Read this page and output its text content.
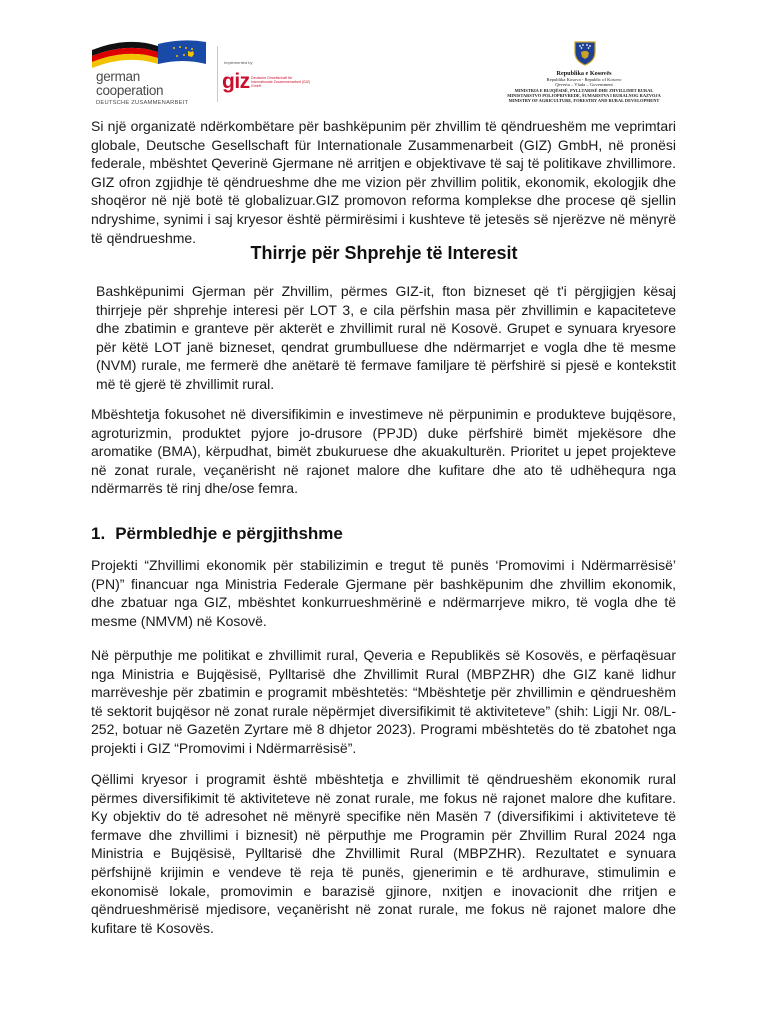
german
cooperation
DEUTSCHE ZUSAMMENARBEIT
Implemented by
giz Deutsche Gesellschaft für Internationale Zusammenarbeit (GIZ) GmbH
Republika e Kosovës
Republika Kosova - Republic of Kosovo
Qeveria – Vlada – Government
MINISTRIA E BUJQËSISË, PYLLTARISË DHE ZHVILLIMIT RURAL
MINISTARSTVO POLJOPRIVREDE, ŠUMARSTVA I RURALNOG RAZVOJA
MINISTRY OF AGRICULTURE, FORESTRY AND RURAL DEVELOPMENT

Si një organizatë ndërkombëtare për bashkëpunim për zhvillim të qëndrueshëm me veprimtari globale, Deutsche Gesellschaft für Internationale Zusammenarbeit (GIZ) GmbH, në pronësi federale, mbështet Qeverinë Gjermane në arritjen e objektivave të saj të politikave zhvillimore. GIZ ofron zgjidhje të qëndrueshme dhe me vizion për zhvillim politik, ekonomik, ekologjik dhe shoqëror në një botë të globalizuar.GIZ promovon reforma komplekse dhe procese që sjellin ndryshime, synimi i saj kryesor është përmirësimi i kushteve të jetesës së njerëzve në mënyrë të qëndrueshme.

Thirrje për Shprehje të Interesit

Bashkëpunimi Gjerman për Zhvillim, përmes GIZ-it, fton bizneset që t'i përgjigjen kësaj thirrjeje për shprehje interesi për LOT 3, e cila përfshin masa për zhvillimin e kapaciteteve dhe zbatimin e granteve për akterët e zhvillimit rural në Kosovë. Grupet e synuara kryesore për këtë LOT janë bizneset, qendrat grumbulluese dhe ndërmarrjet e vogla dhe të mesme (NVM) rurale, me fermerë dhe anëtarë të fermave familjare të përfshirë si pjesë e kontekstit më të gjerë të zhvillimit rural.

Mbështetja fokusohet në diversifikimin e investimeve në përpunimin e produkteve bujqësore, agroturizmin, produktet pyjore jo-drusore (PPJD) duke përfshirë bimët mjekësore dhe aromatike (BMA), kërpudhat, bimët zbukuruese dhe akuakulturën. Prioritet u jepet projekteve në zonat rurale, veçanërisht në rajonet malore dhe kufitare dhe ato të udhëhequra nga ndërmarrës të rinj dhe/ose femra.

1. Përmbledhje e përgjithshme

Projekti “Zhvillimi ekonomik për stabilizimin e tregut të punës ‘Promovimi i Ndërmarrësisë’ (PN)” financuar nga Ministria Federale Gjermane për bashkëpunim dhe zhvillim ekonomik, dhe zbatuar nga GIZ, mbështet konkurrueshmërinë e ndërmarrjeve mikro, të vogla dhe të mesme (NMVM) në Kosovë.

Në përputhje me politikat e zhvillimit rural, Qeveria e Republikës së Kosovës, e përfaqësuar nga Ministria e Bujqësisë, Pylltarisë dhe Zhvillimit Rural (MBPZHR) dhe GIZ kanë lidhur marrëveshje për zbatimin e programit mbështetës: “Mbështetje për zhvillimin e qëndrueshëm të sektorit bujqësor në zonat rurale nëpërmjet diversifikimit të aktiviteteve” (shih: Ligji Nr. 08/L-252, botuar në Gazetën Zyrtare më 8 dhjetor 2023). Programi mbështetës do të zbatohet nga projekti i GIZ “Promovimi i Ndërmarrësisë”.

Qëllimi kryesor i programit është mbështetja e zhvillimit të qëndrueshëm ekonomik rural përmes diversifikimit të aktiviteteve në zonat rurale, me fokus në rajonet malore dhe kufitare. Ky objektiv do të adresohet në mënyrë specifike nën Masën 7 (diversifikimi i aktiviteteve të fermave dhe zhvillimi i biznesit) në përputhje me Programin për Zhvillim Rural 2024 nga Ministria e Bujqësisë, Pylltarisë dhe Zhvillimit Rural (MBPZHR). Rezultatet e synuara përfshijnë krijimin e vendeve të reja të punës, gjenerimin e të ardhurave, stimulimin e ekonomisë lokale, promovimin e barazisë gjinore, nxitjen e inovacionit dhe rritjen e qëndrueshmërisë mjedisore, veçanërisht në zonat rurale, me fokus në rajonet malore dhe kufitare të Kosovës.
